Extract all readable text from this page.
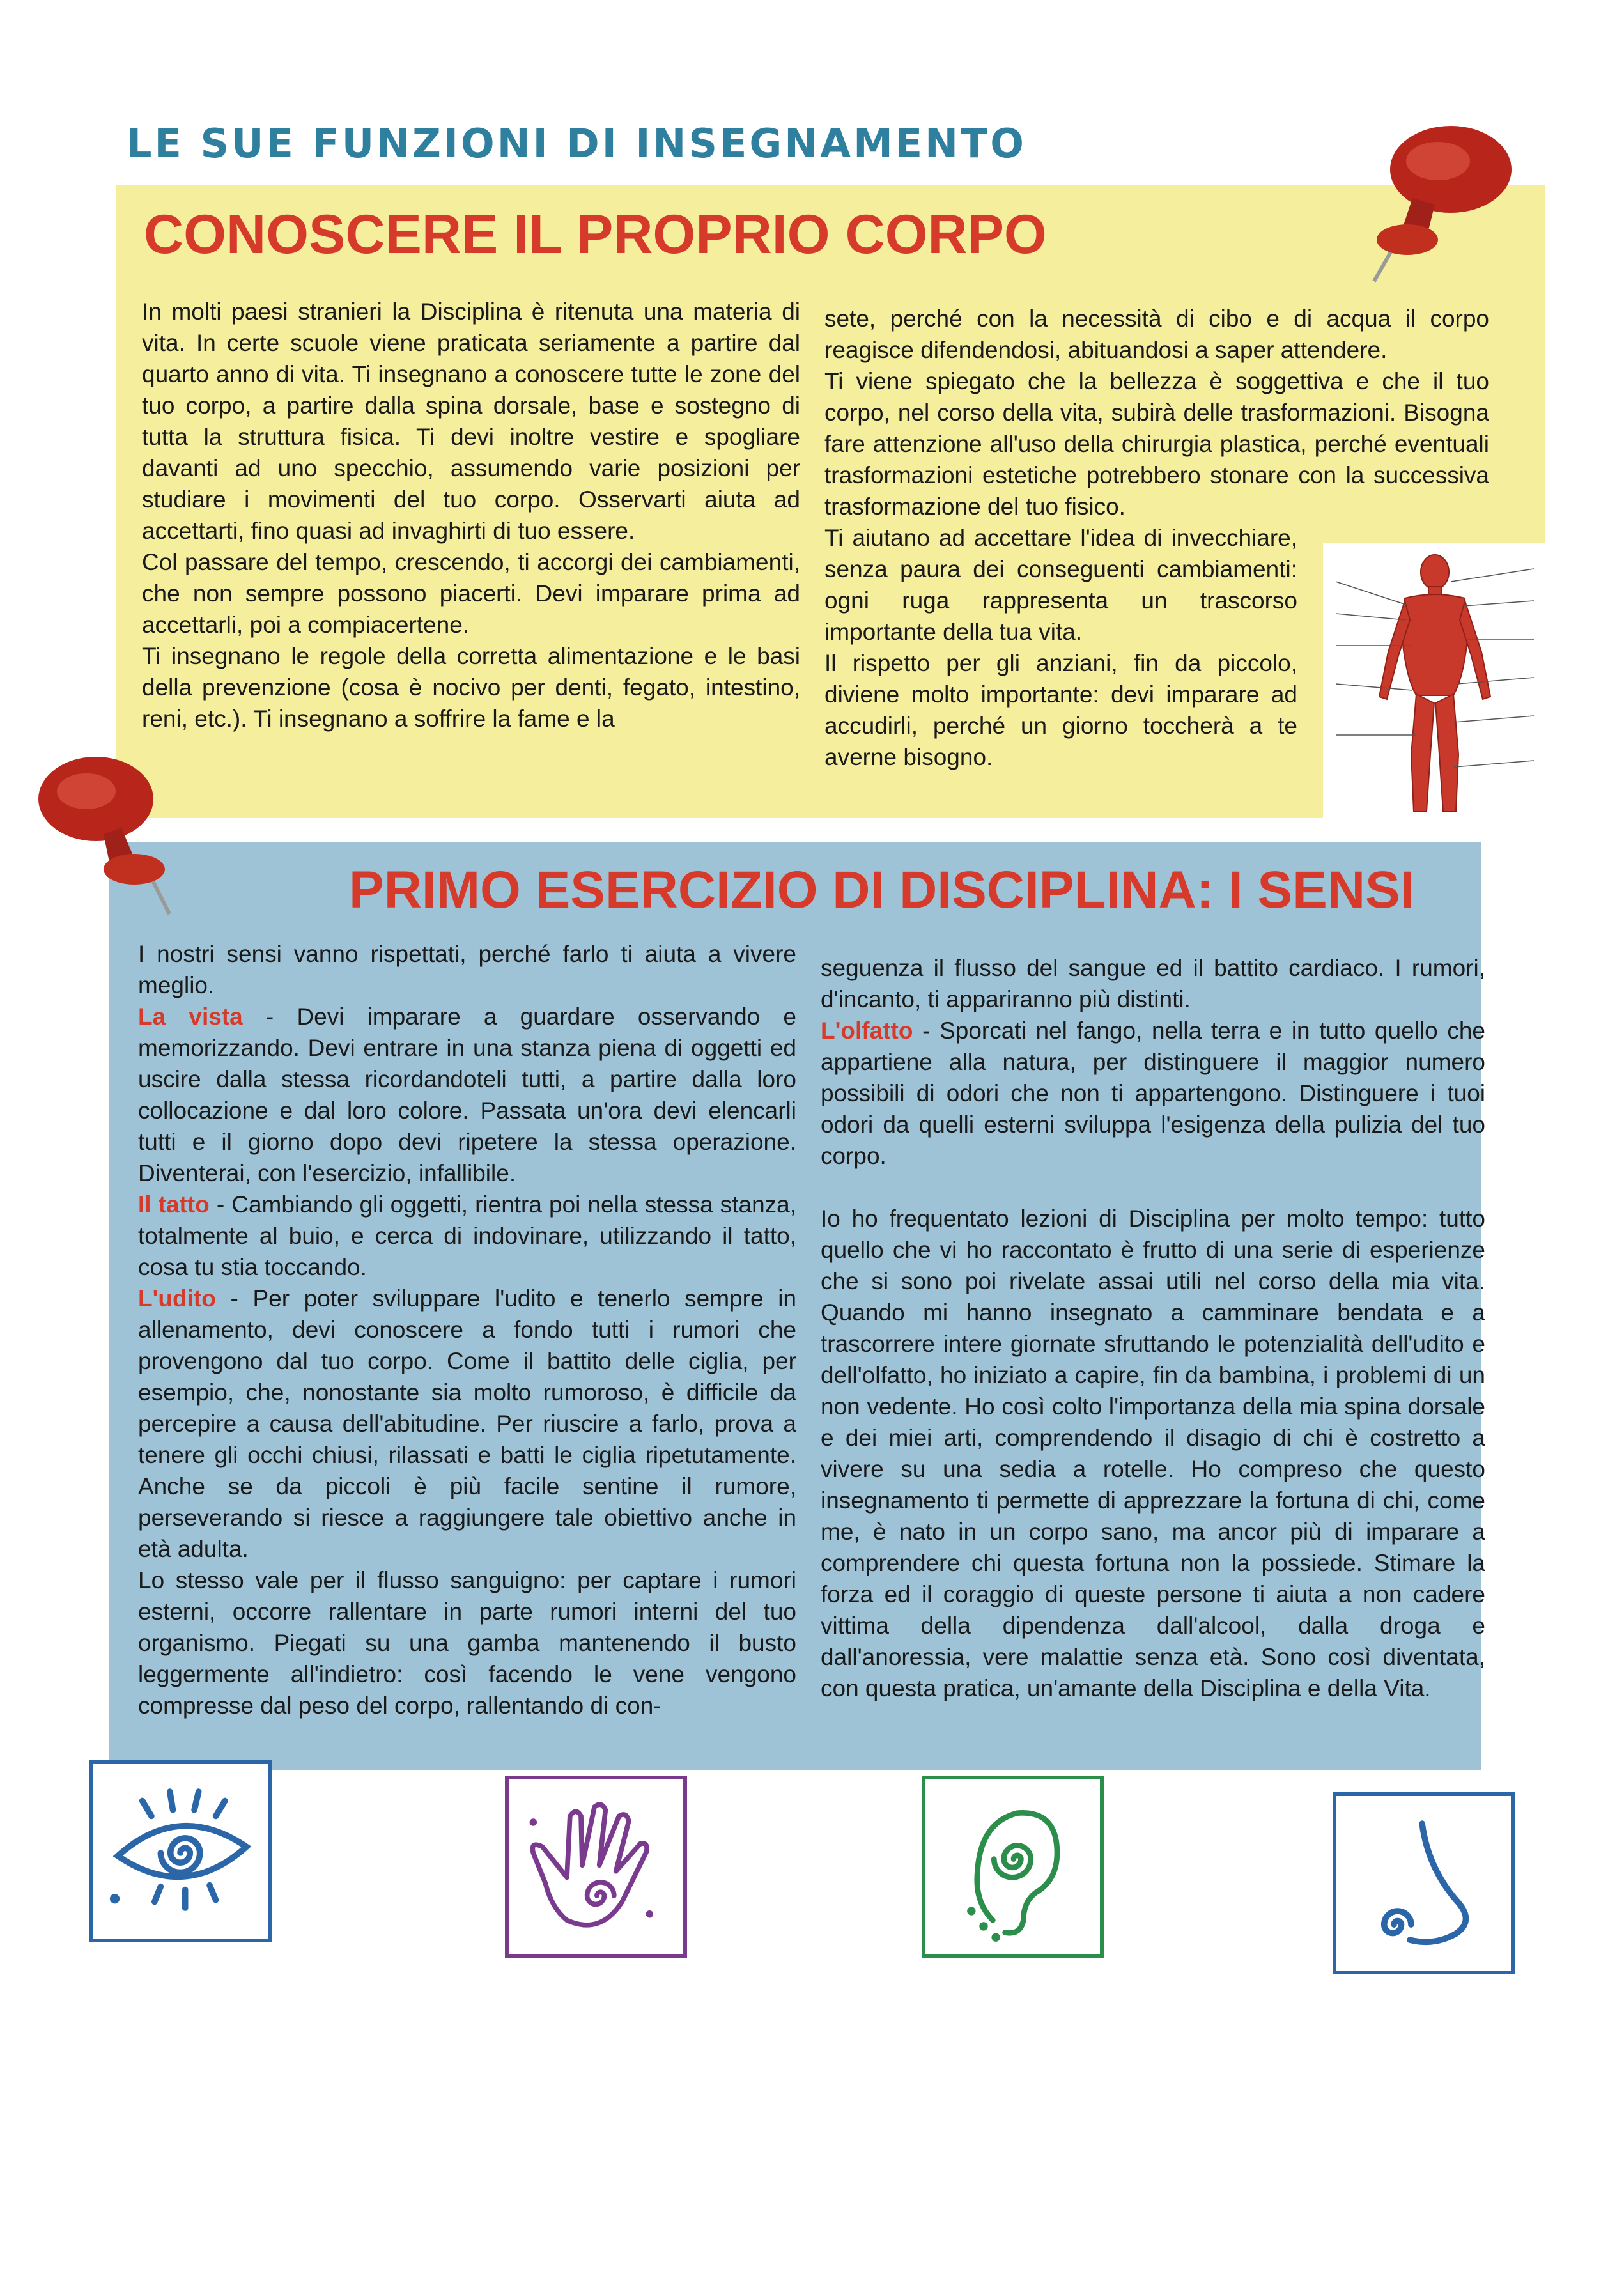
LE SUE FUNZIONI DI INSEGNAMENTO
CONOSCERE IL PROPRIO CORPO

In molti paesi stranieri la Disciplina è ritenuta una materia di vita. In certe scuole viene praticata seriamente a partire dal quarto anno di vita. Ti insegnano a conoscere tutte le zone del tuo corpo, a partire dalla spina dorsale, base e sostegno di tutta la struttura fisica. Ti devi inoltre vestire e spogliare davanti ad uno specchio, assumendo varie posizioni per studiare i movimenti del tuo corpo. Osservarti aiuta ad accettarti, fino quasi ad invaghirti di tuo essere.

Col passare del tempo, crescendo, ti accorgi dei cambiamenti, che non sempre possono piacerti. Devi imparare prima ad accettarli, poi a compiacertene.

Ti insegnano le regole della corretta alimentazione e le basi della prevenzione (cosa è nocivo per denti, fegato, intestino, reni, etc.). Ti insegnano a soffrire la fame e la

sete, perché con la necessità di cibo e di acqua il corpo reagisce difendendosi, abituandosi a saper attendere.

Ti viene spiegato che la bellezza è soggettiva e che il tuo corpo, nel corso della vita, subirà delle trasformazioni. Bisogna fare attenzione all'uso della chirurgia plastica, perché eventuali trasformazioni estetiche potrebbero stonare con la successiva trasformazione del tuo fisico.

Ti aiutano ad accettare l'idea di invecchiare, senza paura dei conseguenti cambiamenti: ogni ruga rappresenta un trascorso importante della tua vita.

Il rispetto per gli anziani, fin da piccolo, diviene molto importante: devi imparare ad accudirli, perché un giorno toccherà a te averne bisogno.

PRIMO ESERCIZIO DI DISCIPLINA: I SENSI

I nostri sensi vanno rispettati, perché farlo ti aiuta a vivere meglio.

La vista - Devi imparare a guardare osservando e memorizzando. Devi entrare in una stanza piena di oggetti ed uscire dalla stessa ricordandoteli tutti, a partire dalla loro collocazione e dal loro colore. Passata un'ora devi elencarli tutti e il giorno dopo devi ripetere la stessa operazione. Diventerai, con l'esercizio, infallibile.

Il tatto - Cambiando gli oggetti, rientra poi nella stessa stanza, totalmente al buio, e cerca di indovinare, utilizzando il tatto, cosa tu stia toccando.

L'udito - Per poter sviluppare l'udito e tenerlo sempre in allenamento, devi conoscere a fondo tutti i rumori che provengono dal tuo corpo. Come il battito delle ciglia, per esempio, che, nonostante sia molto rumoroso, è difficile da percepire a causa dell'abitudine. Per riuscire a farlo, prova a tenere gli occhi chiusi, rilassati e batti le ciglia ripetutamente. Anche se da piccoli è più facile sentine il rumore, perseverando si riesce a raggiungere tale obiettivo anche in età adulta.

Lo stesso vale per il flusso sanguigno: per captare i rumori esterni, occorre rallentare in parte rumori interni del tuo organismo. Piegati su una gamba mantenendo il busto leggermente all'indietro: così facendo le vene vengono compresse dal peso del corpo, rallentando di con-

seguenza il flusso del sangue ed il battito cardiaco. I rumori, d'incanto, ti appariranno più distinti.

L'olfatto - Sporcati nel fango, nella terra e in tutto quello che appartiene alla natura, per distinguere il maggior numero possibili di odori che non ti appartengono. Distinguere i tuoi odori da quelli esterni sviluppa l'esigenza della pulizia del tuo corpo.

Io ho frequentato lezioni di Disciplina per molto tempo: tutto quello che vi ho raccontato è frutto di una serie di esperienze che si sono poi rivelate assai utili nel corso della mia vita. Quando mi hanno insegnato a camminare bendata e a trascorrere intere giornate sfruttando le potenzialità dell'udito e dell'olfatto, ho iniziato a capire, fin da bambina, i problemi di un non vedente. Ho così colto l'importanza della mia spina dorsale e dei miei arti, comprendendo il disagio di chi è costretto a vivere su una sedia a rotelle. Ho compreso che questo insegnamento ti permette di apprezzare la fortuna di chi, come me, è nato in un corpo sano, ma ancor più di imparare a comprendere chi questa fortuna non la possiede. Stimare la forza ed il coraggio di queste persone ti aiuta a non cadere vittima della dipendenza dall'alcool, dalla droga e dall'anoressia, vere malattie senza età. Sono così diventata, con questa pratica, un'amante della Disciplina e della Vita.
